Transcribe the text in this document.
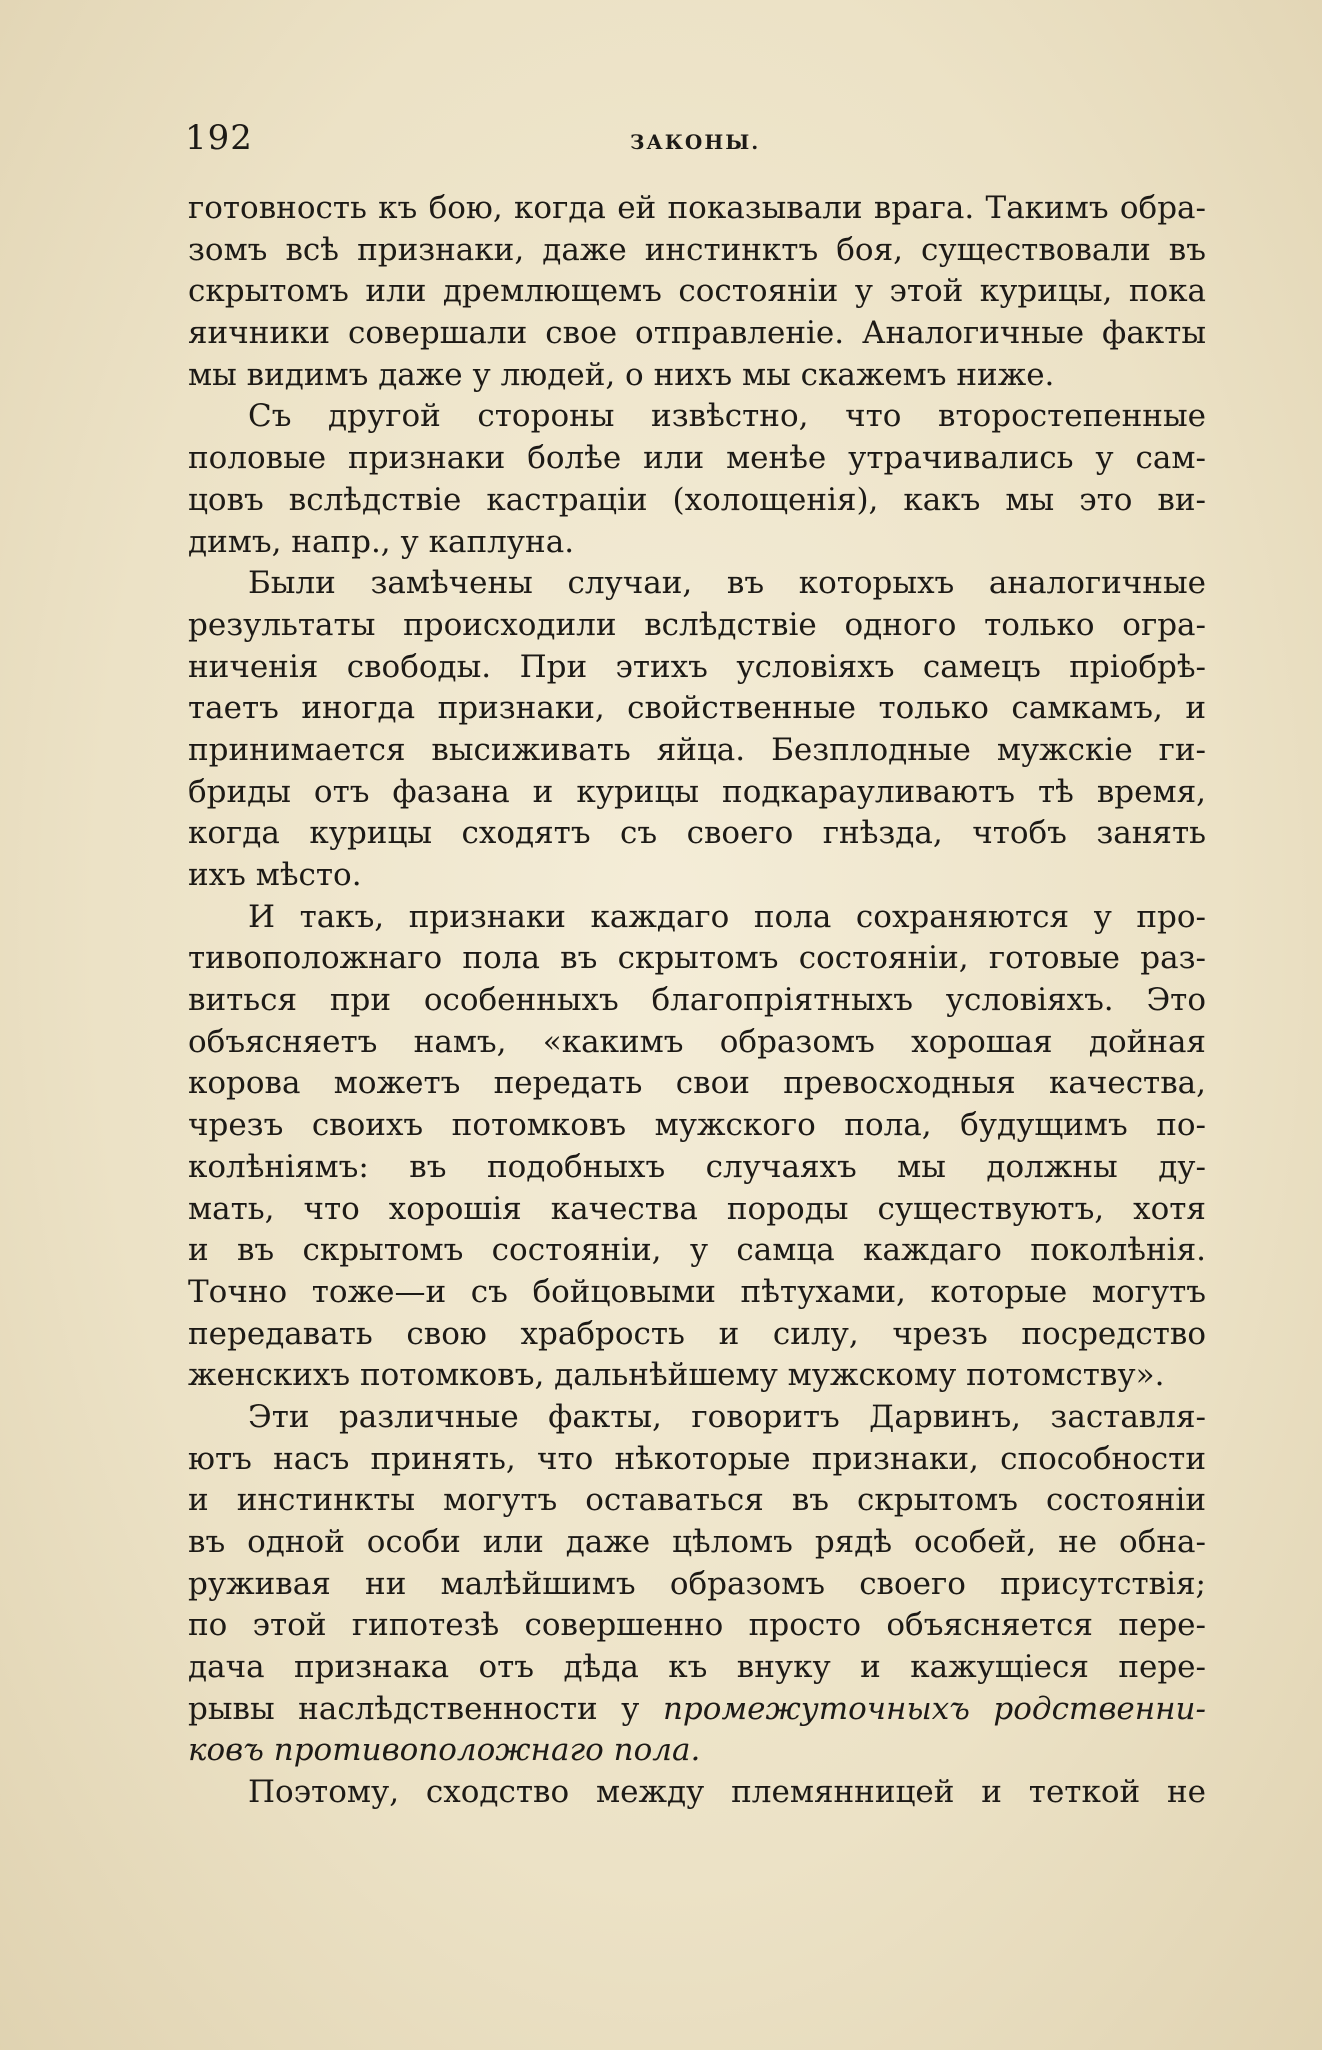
192	ЗАКОНЫ.
готовность къ бою, когда ей показывали врага. Такимъ обра-
зомъ всѣ признаки, даже инстинктъ боя, существовали въ
скрытомъ или дремлющемъ состояніи у этой курицы, пока
яичники совершали свое отправленіе. Аналогичные факты
мы видимъ даже у людей, о нихъ мы скажемъ ниже.
Съ другой стороны извѣстно, что второстепенные
половые признаки болѣе или менѣе утрачивались у сам-
цовъ вслѣдствіе кастраціи (холощенія), какъ мы это ви-
димъ, напр., у каплуна.
Были замѣчены случаи, въ которыхъ аналогичные
результаты происходили вслѣдствіе одного только огра-
ниченія свободы. При этихъ условіяхъ самецъ пріобрѣ-
таетъ иногда признаки, свойственные только самкамъ, и
принимается высиживать яйца. Безплодные мужскіе ги-
бриды отъ фазана и курицы подкарауливаютъ тѣ время,
когда курицы сходятъ съ своего гнѣзда, чтобъ занять
ихъ мѣсто.
И такъ, признаки каждаго пола сохраняются у про-
тивоположнаго пола въ скрытомъ состояніи, готовые раз-
виться при особенныхъ благопріятныхъ условіяхъ. Это
объясняетъ намъ, «какимъ образомъ хорошая дойная
корова можетъ передать свои превосходныя качества,
чрезъ своихъ потомковъ мужского пола, будущимъ по-
колѣніямъ: въ подобныхъ случаяхъ мы должны ду-
мать, что хорошія качества породы существуютъ, хотя
и въ скрытомъ состояніи, у самца каждаго поколѣнія.
Точно тоже—и съ бойцовыми пѣтухами, которые могутъ
передавать свою храбрость и силу, чрезъ посредство
женскихъ потомковъ, дальнѣйшему мужскому потомству».
Эти различные факты, говоритъ Дарвинъ, заставля-
ютъ насъ принять, что нѣкоторые признаки, способности
и инстинкты могутъ оставаться въ скрытомъ состояніи
въ одной особи или даже цѣломъ рядѣ особей, не обна-
руживая ни малѣйшимъ образомъ своего присутствія;
по этой гипотезѣ совершенно просто объясняется пере-
дача признака отъ дѣда къ внуку и кажущіеся пере-
рывы наслѣдственности у промежуточныхъ родственни-
ковъ противоположнаго пола.
Поэтому, сходство между племянницей и теткой не
